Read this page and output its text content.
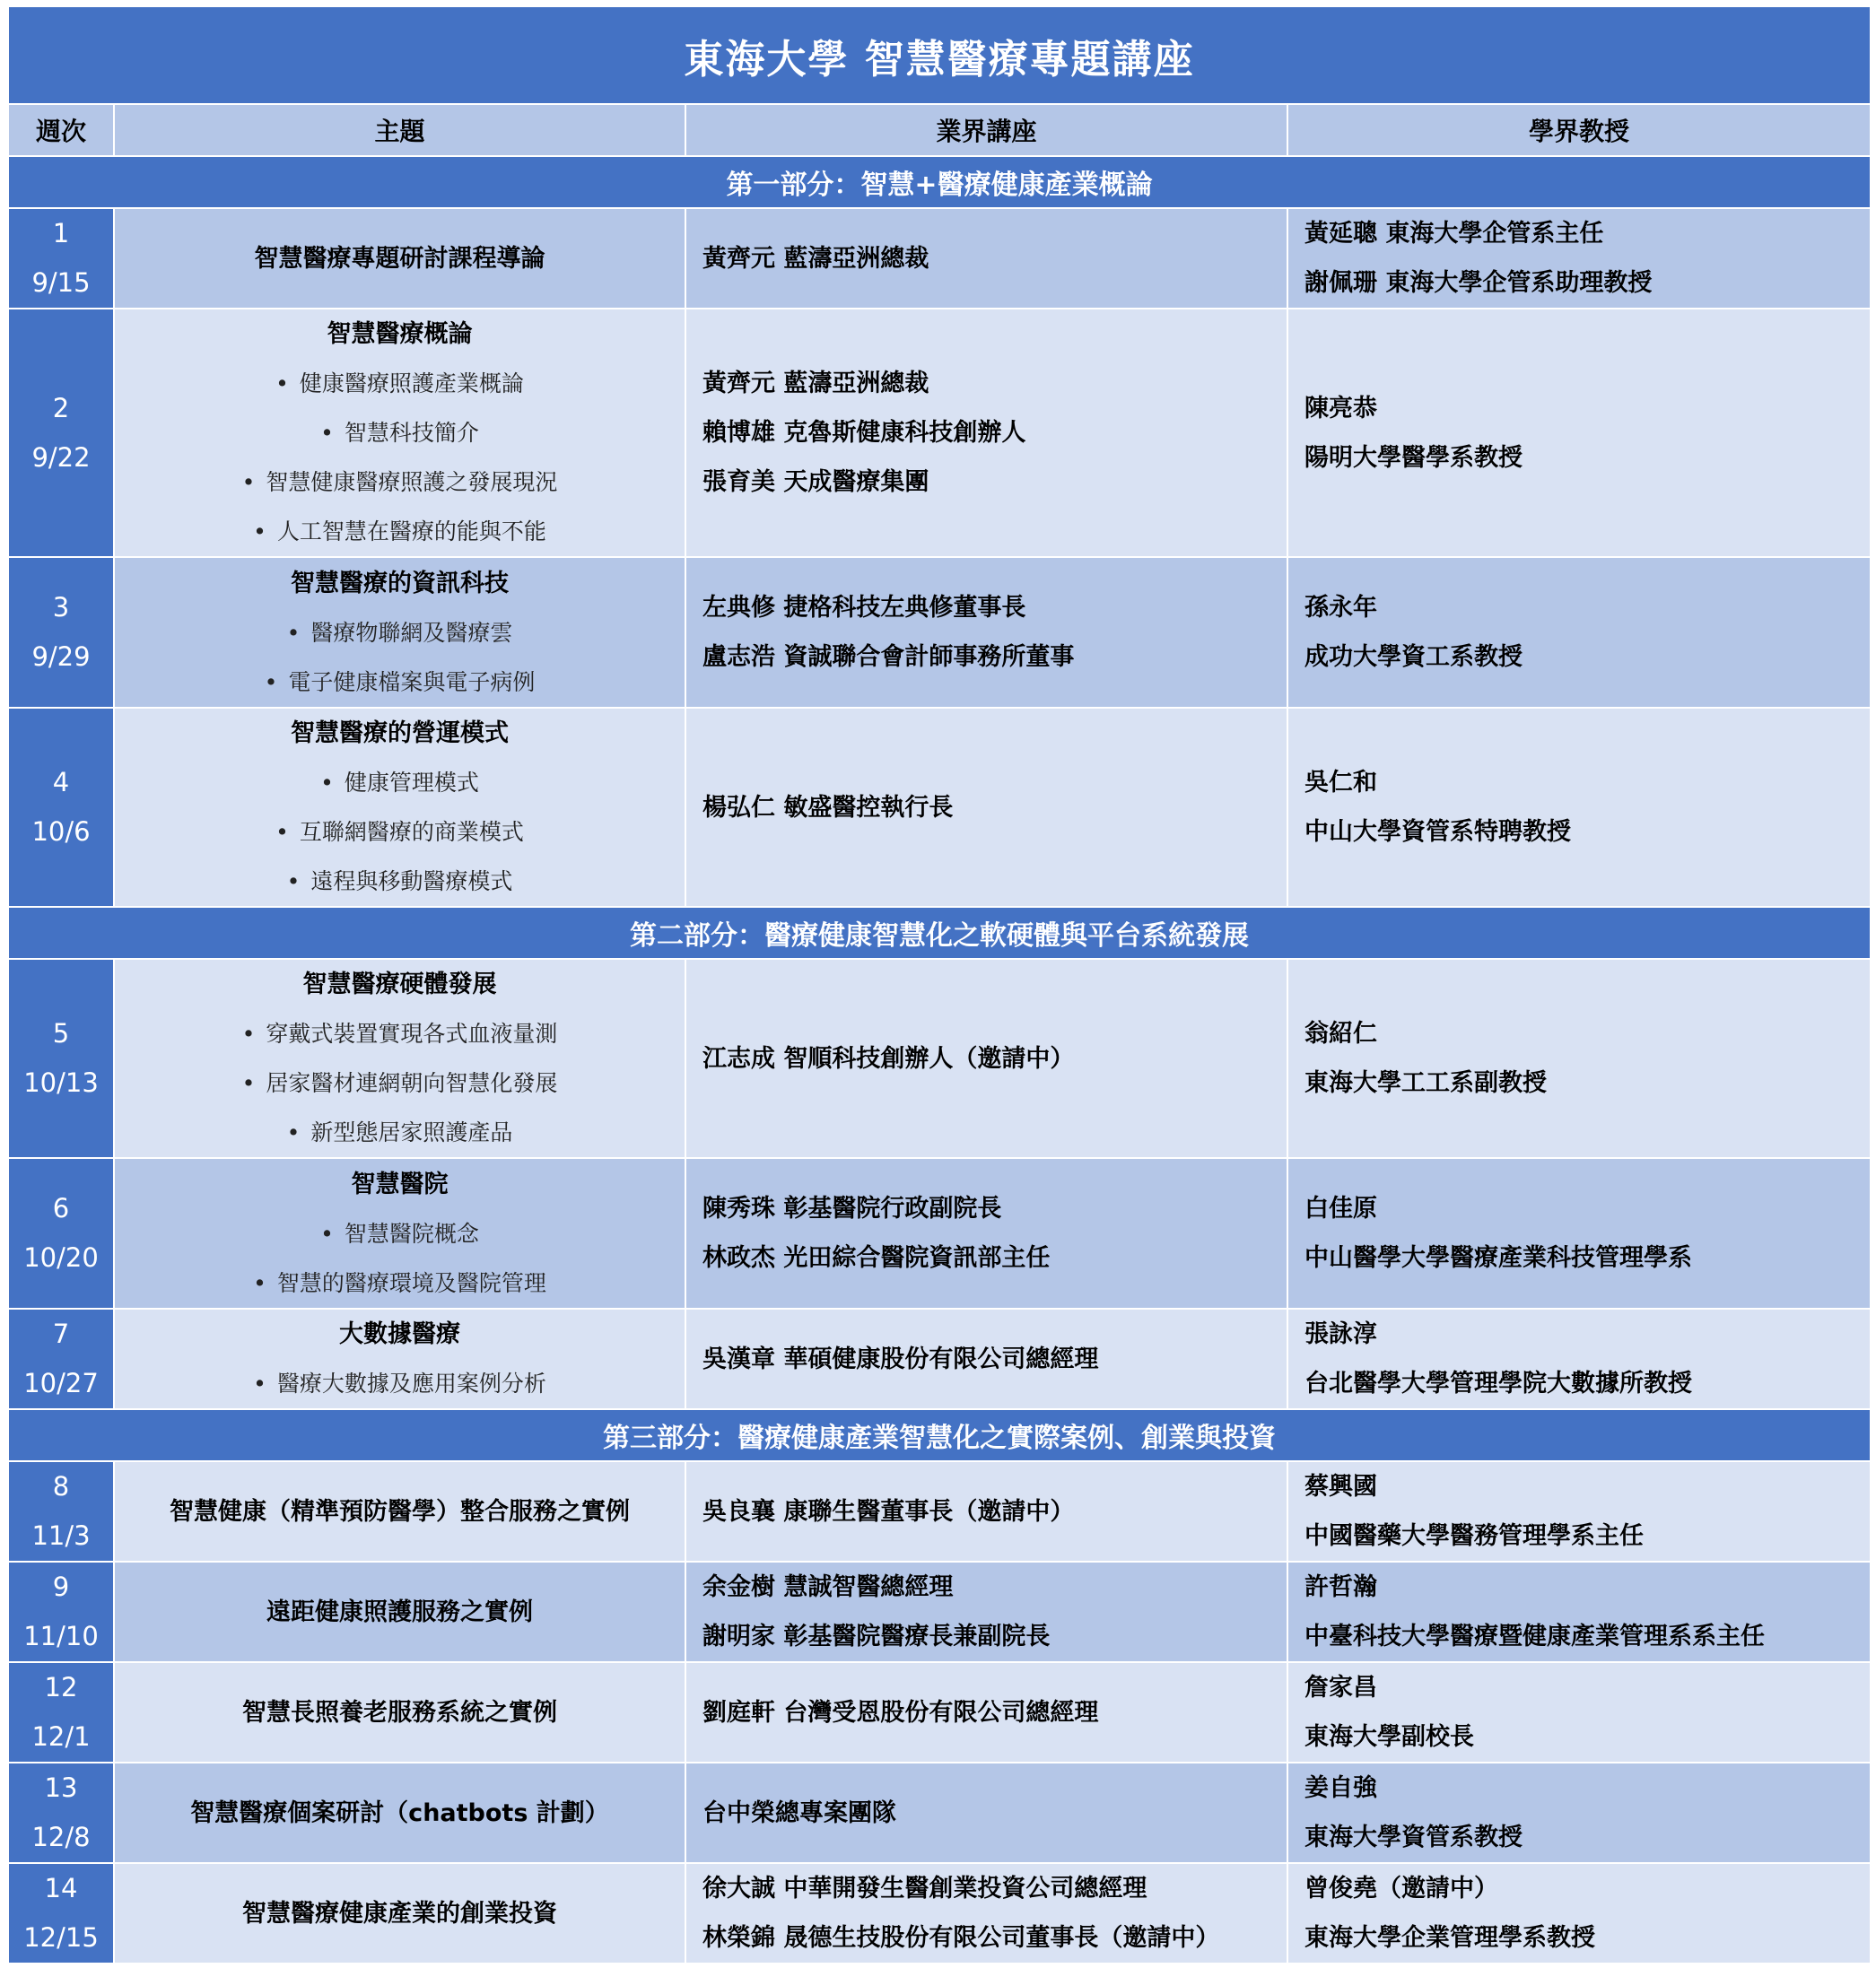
東海大學 智慧醫療專題講座			
週次	主題	業界講座	學界教授
第一部分：智慧+醫療健康產業概論			

1
9/15	智慧醫療專題研討課程導論	黃齊元 藍濤亞洲總裁	黃延聰 東海大學企管系主任
謝佩珊 東海大學企管系助理教授

2
9/22	智慧醫療概論
• 健康醫療照護產業概論
• 智慧科技簡介
• 智慧健康醫療照護之發展現況
• 人工智慧在醫療的能與不能	黃齊元 藍濤亞洲總裁
賴博雄 克魯斯健康科技創辦人
張育美 天成醫療集團	陳亮恭
陽明大學醫學系教授

3
9/29	智慧醫療的資訊科技
• 醫療物聯網及醫療雲
• 電子健康檔案與電子病例	左典修 捷格科技左典修董事長
盧志浩 資誠聯合會計師事務所董事	孫永年
成功大學資工系教授

4
10/6	智慧醫療的營運模式
• 健康管理模式
• 互聯網醫療的商業模式
• 遠程與移動醫療模式	楊弘仁 敏盛醫控執行長	吳仁和
中山大學資管系特聘教授

第二部分：醫療健康智慧化之軟硬體與平台系統發展			

5
10/13	智慧醫療硬體發展
• 穿戴式裝置實現各式血液量測
• 居家醫材連網朝向智慧化發展
• 新型態居家照護產品	江志成 智順科技創辦人（邀請中）	翁紹仁
東海大學工工系副教授

6
10/20	智慧醫院
• 智慧醫院概念
• 智慧的醫療環境及醫院管理	陳秀珠 彰基醫院行政副院長
林政杰 光田綜合醫院資訊部主任	白佳原
中山醫學大學醫療產業科技管理學系

7
10/27	大數據醫療
• 醫療大數據及應用案例分析	吳漢章 華碩健康股份有限公司總經理	張詠淳
台北醫學大學管理學院大數據所教授

第三部分：醫療健康產業智慧化之實際案例、創業與投資			

8
11/3	智慧健康（精準預防醫學）整合服務之實例	吳良襄 康聯生醫董事長（邀請中）	蔡興國
中國醫藥大學醫務管理學系主任

9
11/10	遠距健康照護服務之實例	余金樹 慧誠智醫總經理
謝明家 彰基醫院醫療長兼副院長	許哲瀚
中臺科技大學醫療暨健康產業管理系系主任

12
12/1	智慧長照養老服務系統之實例	劉庭軒 台灣受恩股份有限公司總經理	詹家昌
東海大學副校長

13
12/8	智慧醫療個案研討（chatbots 計劃）	台中榮總專案團隊	姜自強
東海大學資管系教授

14
12/15	智慧醫療健康產業的創業投資	徐大誠 中華開發生醫創業投資公司總經理
林榮錦 晟德生技股份有限公司董事長（邀請中）	曾俊堯（邀請中）
東海大學企業管理學系教授
